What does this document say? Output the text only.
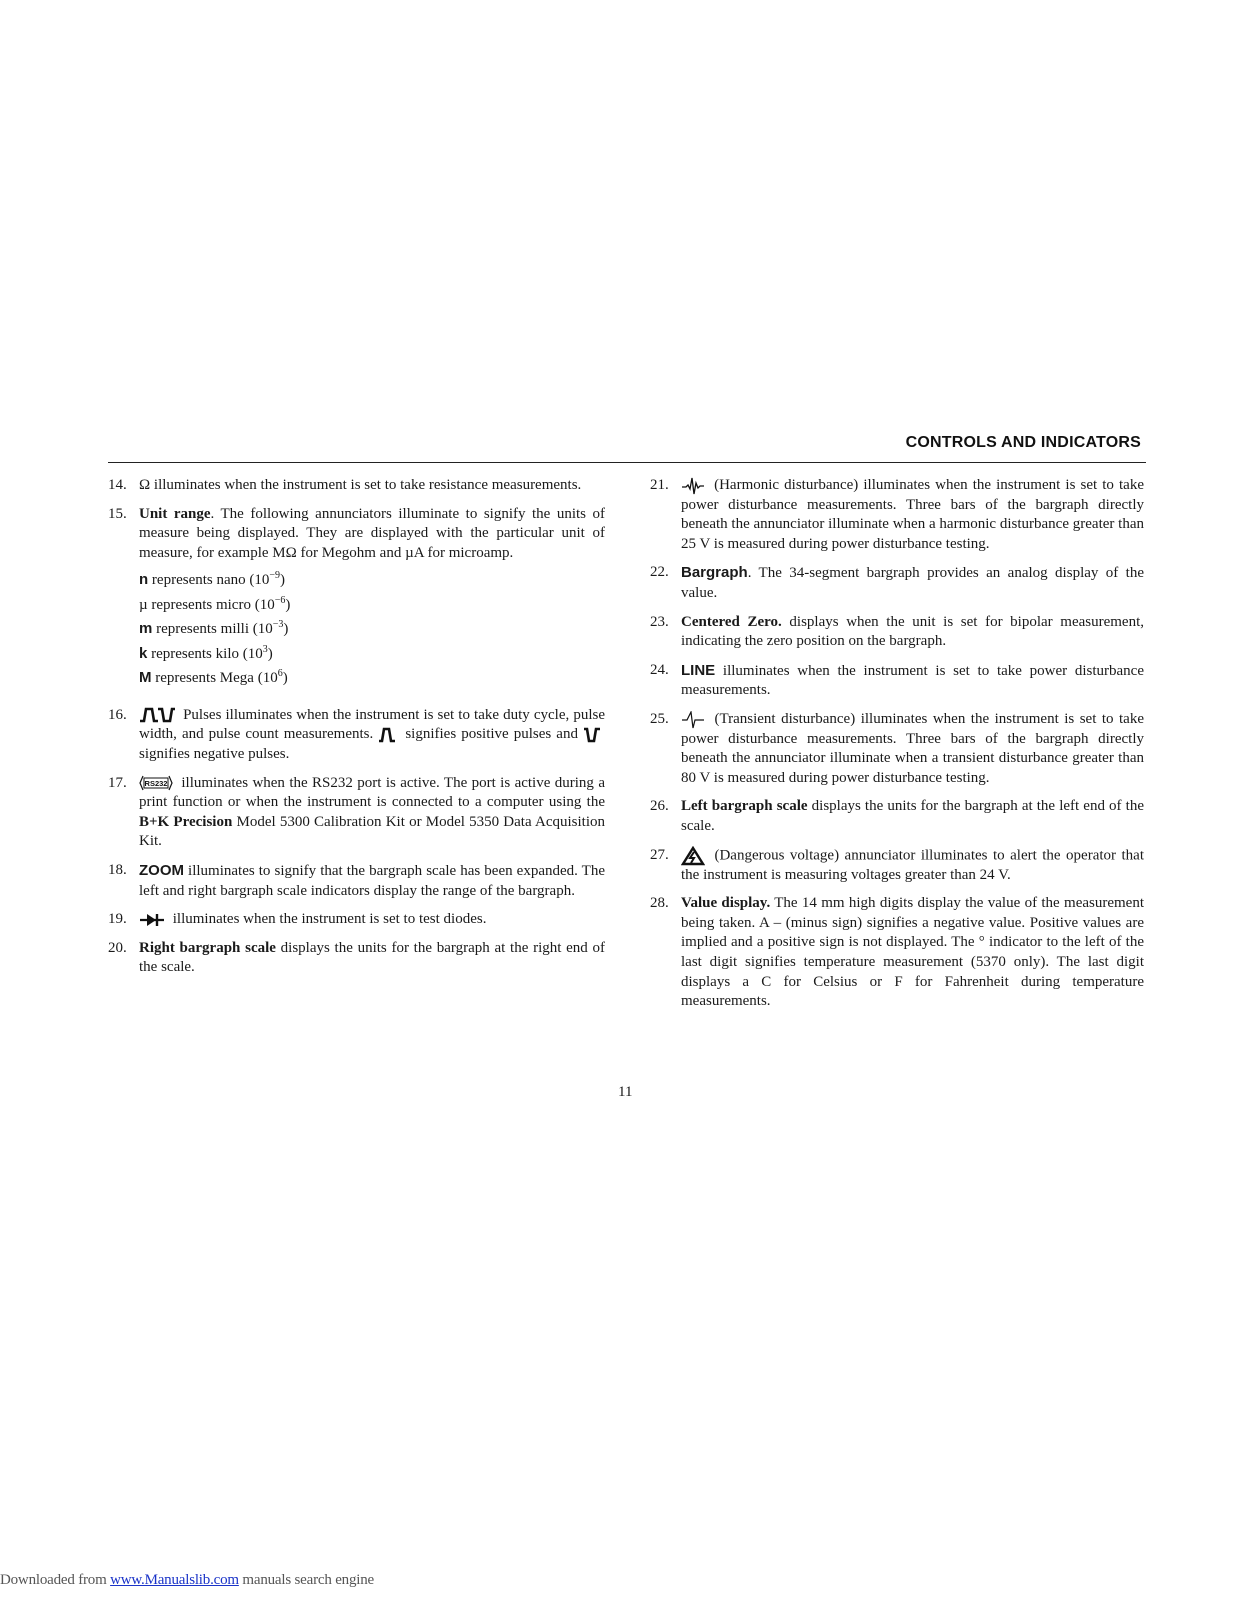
CONTROLS AND INDICATORS
14. Ω illuminates when the instrument is set to take resistance measurements.
15. Unit range. The following annunciators illuminate to signify the units of measure being displayed. They are displayed with the particular unit of measure, for example MΩ for Megohm and µA for microamp.
n represents nano $(10^{-9})$
µ represents micro $(10^{-6})$
m represents milli $(10^{-3})$
k represents kilo $(10^3)$
M represents Mega $(10^6)$
16.	Pulses illuminates when the instrument is set to take duty cycle, pulse width, and pulse count measurements.  signifies positive pulses and  signifies negative pulses.
17.	RS232 illuminates when the RS232 port is active. The port is active during a print function or when the instrument is connected to a computer using the B+K Precision Model 5300 Calibration Kit or Model 5350 Data Acquisition Kit.
18. ZOOM illuminates to signify that the bargraph scale has been expanded. The left and right bargraph scale indicators display the range of the bargraph.
19.	illuminates when the instrument is set to test diodes.
20. Right bargraph scale displays the units for the bargraph at the right end of the scale.
21.	(Harmonic disturbance) illuminates when the instrument is set to take power disturbance measurements. Three bars of the bargraph directly beneath the annunciator illuminate when a harmonic disturbance greater than 25 V is measured during power disturbance testing.
22. Bargraph. The 34-segment bargraph provides an analog display of the value.
23. Centered Zero. displays when the unit is set for bipolar measurement, indicating the zero position on the bargraph.
24. LINE illuminates when the instrument is set to take power disturbance measurements.
25.	(Transient disturbance) illuminates when the instrument is set to take power disturbance measurements. Three bars of the bargraph directly beneath the annunciator illuminate when a transient disturbance greater than 80 V is measured during power disturbance testing.
26. Left bargraph scale displays the units for the bargraph at the left end of the scale.
27.	(Dangerous voltage) annunciator illuminates to alert the operator that the instrument is measuring voltages greater than 24 V.
28. Value display. The 14 mm high digits display the value of the measurement being taken. A – (minus sign) signifies a negative value. Positive values are implied and a positive sign is not displayed. The ° indicator to the left of the last digit signifies temperature measurement (5370 only). The last digit displays a C for Celsius or F for Fahrenheit during temperature measurements.
11
Downloaded from www.Manualslib.com manuals search engine
